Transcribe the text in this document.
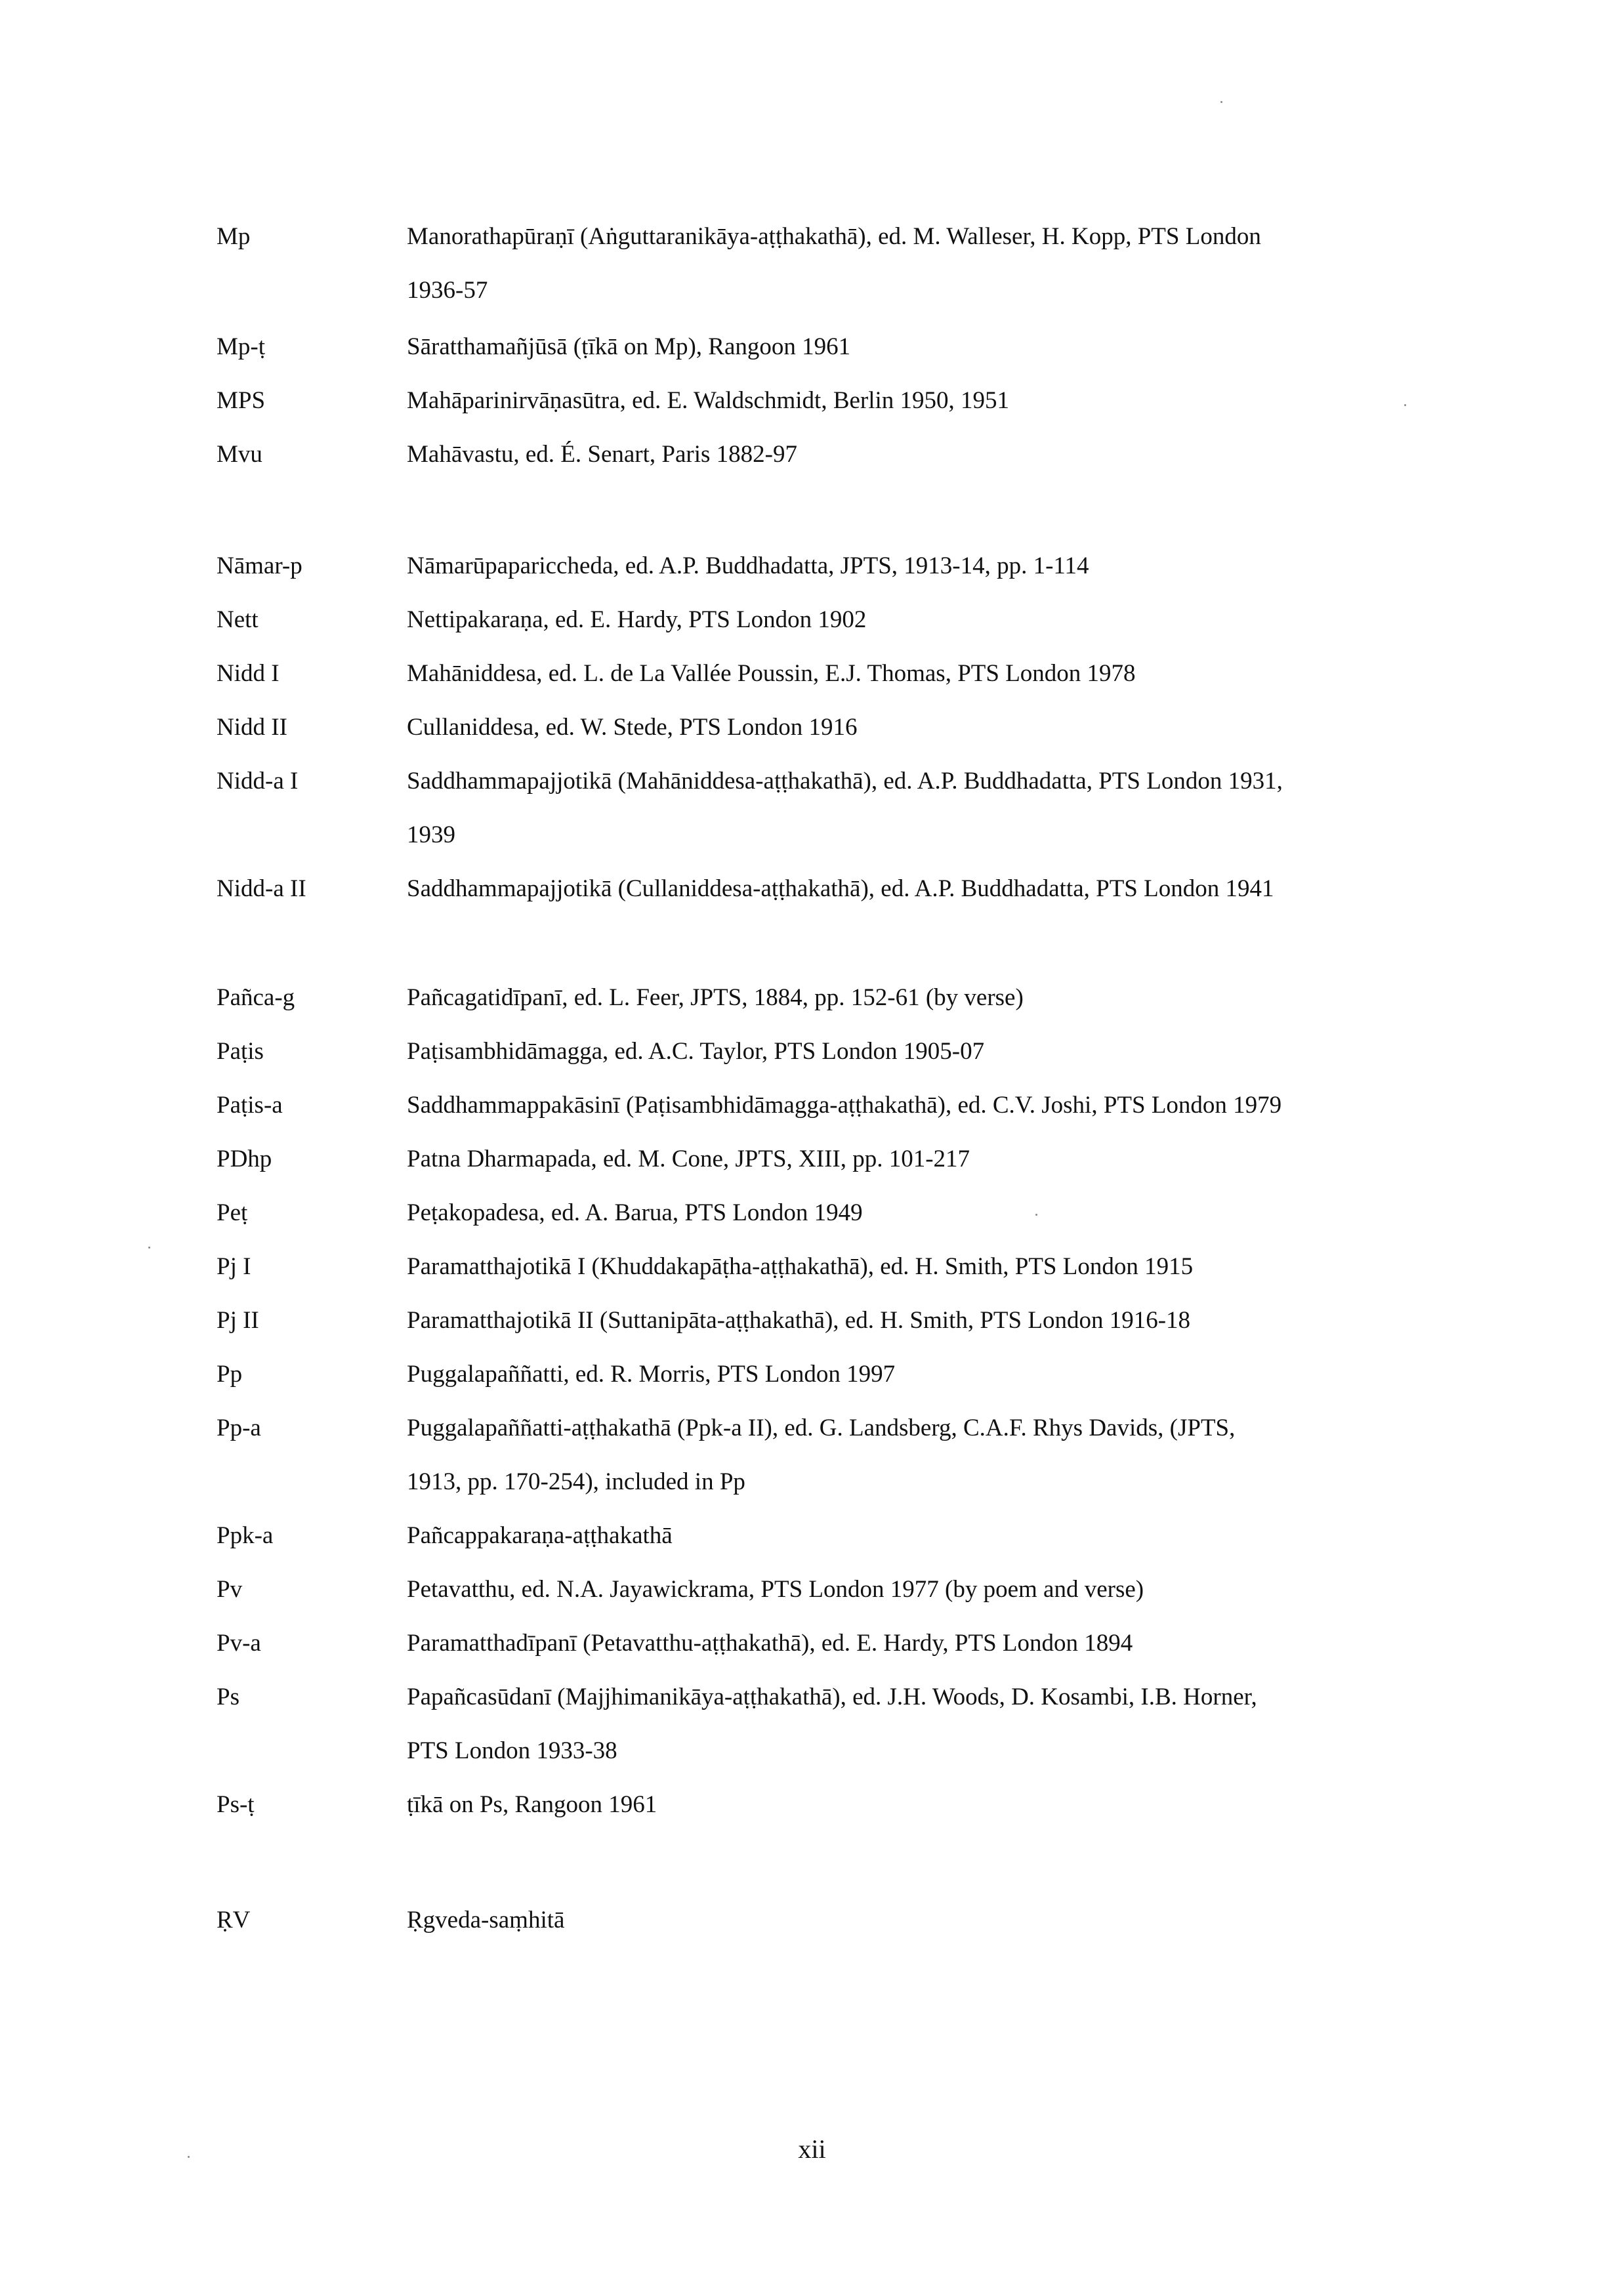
Mp	Manorathapūraṇī (Aṅguttaranikāya-aṭṭhakathā), ed. M. Walleser, H. Kopp, PTS London
1936-57
Mp-ṭ	Sāratthamañjūsā (ṭīkā on Mp), Rangoon 1961
MPS	Mahāparinirvāṇasūtra, ed. E. Waldschmidt, Berlin 1950, 1951
Mvu	Mahāvastu, ed. É. Senart, Paris 1882-97
Nāmar-p	Nāmarūpapariccheda, ed. A.P. Buddhadatta, JPTS, 1913-14, pp. 1-114
Nett	Nettipakaraṇa, ed. E. Hardy, PTS London 1902
Nidd I	Mahāniddesa, ed. L. de La Vallée Poussin, E.J. Thomas, PTS London 1978
Nidd II	Cullaniddesa, ed. W. Stede, PTS London 1916
Nidd-a I	Saddhammapajjotikā (Mahāniddesa-aṭṭhakathā), ed. A.P. Buddhadatta, PTS London 1931,
1939
Nidd-a II	Saddhammapajjotikā (Cullaniddesa-aṭṭhakathā), ed. A.P. Buddhadatta, PTS London 1941
Pañca-g	Pañcagatidīpanī, ed. L. Feer, JPTS, 1884, pp. 152-61 (by verse)
Paṭis	Paṭisambhidāmagga, ed. A.C. Taylor, PTS London 1905-07
Paṭis-a	Saddhammappakāsinī (Paṭisambhidāmagga-aṭṭhakathā), ed. C.V. Joshi, PTS London 1979
PDhp	Patna Dharmapada, ed. M. Cone, JPTS, XIII, pp. 101-217
Peṭ	Peṭakopadesa, ed. A. Barua, PTS London 1949
Pj I	Paramatthajotikā I (Khuddakapāṭha-aṭṭhakathā), ed. H. Smith, PTS London 1915
Pj II	Paramatthajotikā II (Suttanipāta-aṭṭhakathā), ed. H. Smith, PTS London 1916-18
Pp	Puggalapaññatti, ed. R. Morris, PTS London 1997
Pp-a	Puggalapaññatti-aṭṭhakathā (Ppk-a II), ed. G. Landsberg, C.A.F. Rhys Davids, (JPTS,
1913, pp. 170-254), included in Pp
Ppk-a	Pañcappakaraṇa-aṭṭhakathā
Pv	Petavatthu, ed. N.A. Jayawickrama, PTS London 1977 (by poem and verse)
Pv-a	Paramatthadīpanī (Petavatthu-aṭṭhakathā), ed. E. Hardy, PTS London 1894
Ps	Papañcasūdanī (Majjhimanikāya-aṭṭhakathā), ed. J.H. Woods, D. Kosambi, I.B. Horner,
PTS London 1933-38
Ps-ṭ	ṭīkā on Ps, Rangoon 1961
ṚV	Ṛgveda-saṃhitā
xii
